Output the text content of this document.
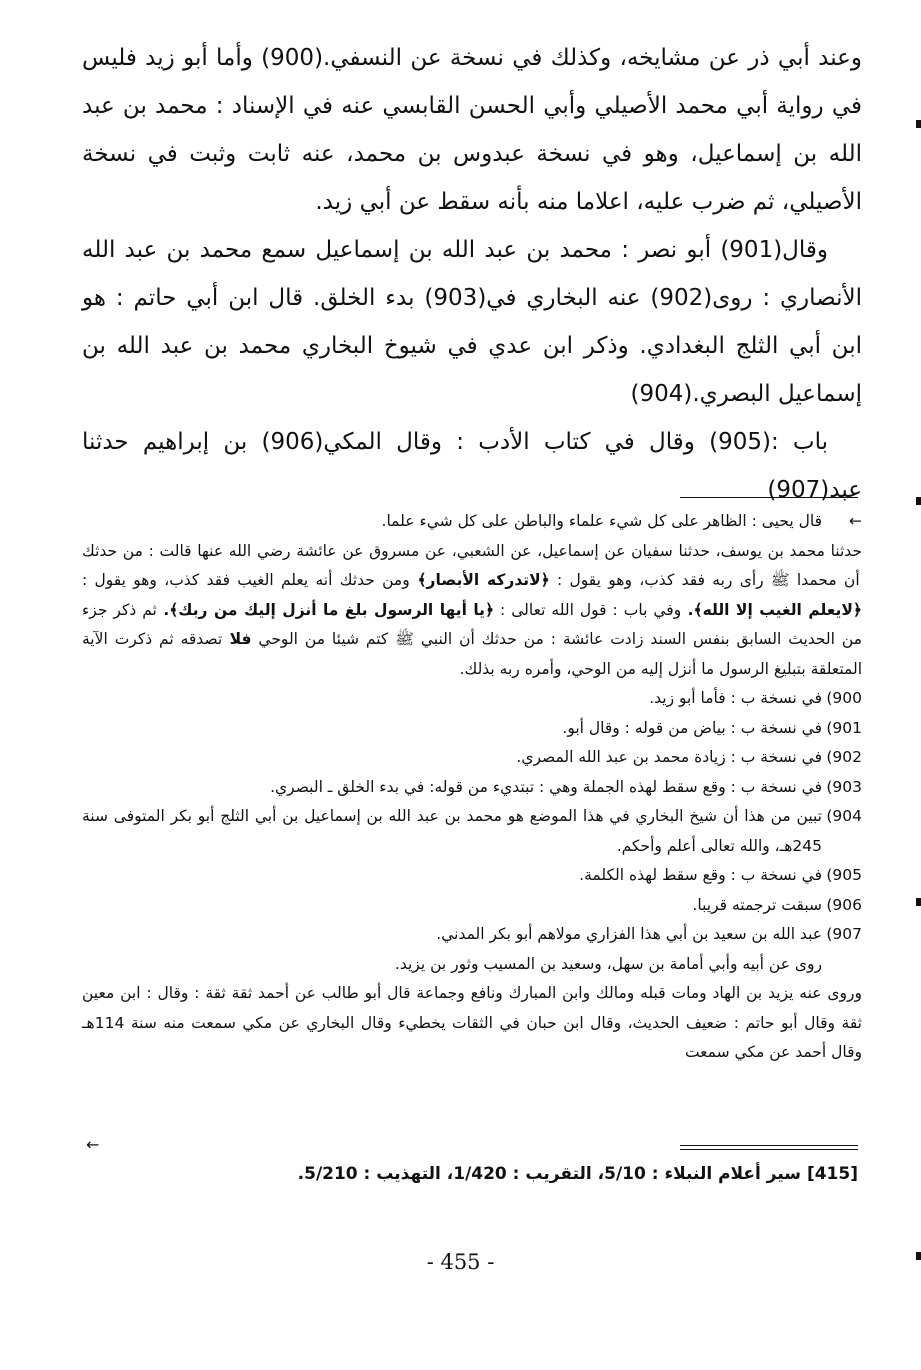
وعند أبي ذر عن مشايخه، وكذلك في نسخة عن النسفي.(900) وأما أبو زيد فليس في رواية أبي محمد الأصيلي وأبي الحسن القابسي عنه في الإسناد : محمد بن عبد الله بن إسماعيل، وهو في نسخة عبدوس بن محمد، عنه ثابت وثبت في نسخة الأصيلي، ثم ضرب عليه، اعلاما منه بأنه سقط عن أبي زيد.

وقال(901) أبو نصر : محمد بن عبد الله بن إسماعيل سمع محمد بن عبد الله الأنصاري : روى(902) عنه البخاري في(903) بدء الخلق. قال ابن أبي حاتم : هو ابن أبي الثلج البغدادي. وذكر ابن عدي في شيوخ البخاري محمد بن عبد الله بن إسماعيل البصري.(904)

باب :(905) وقال في كتاب الأدب : وقال المكي(906) بن إبراهيم حدثنا عبد(907)

←
قال يحيى : الظاهر على كل شيء علماء والباطن على كل شيء علما.
حدثنا محمد بن يوسف، حدثنا سفيان عن إسماعيل، عن الشعبي، عن مسروق عن عائشة رضي الله عنها قالت : من حدثك أن محمدا ﷺ رأى ربه فقد كذب، وهو يقول : ﴿لاتدركه الأبصار﴾ ومن حدثك أنه يعلم الغيب فقد كذب، وهو يقول : ﴿لايعلم الغيب إلا الله﴾. وفي باب : قول الله تعالى : ﴿يا أيها الرسول بلغ ما أنزل إليك من ربك﴾. ثم ذكر جزء من الحديث السابق بنفس السند زادت عائشة : من حدثك أن النبي ﷺ كتم شيئا من الوحي فلا تصدقه ثم ذكرت الآية المتعلقة بتبليغ الرسول ما أنزل إليه من الوحي، وأمره ربه بذلك.
900)
في نسخة ب : فأما أبو زيد.
901)
في نسخة ب : بياض من قوله : وقال أبو.
902)
في نسخة ب : زيادة محمد بن عبد الله المصري.
903)
في نسخة ب : وقع سقط لهذه الجملة وهي : تبتديء من قوله: في بدء الخلق ـ البصري.
904)
تبين من هذا أن شيخ البخاري في هذا الموضع هو محمد بن عبد الله بن إسماعيل بن أبي الثلج أبو بكر المتوفى سنة 245هـ، والله تعالى أعلم وأحكم.
905)
في نسخة ب : وقع سقط لهذه الكلمة.
906)
سبقت ترجمته قريبا.
907)
عبد الله بن سعيد بن أبي هذا الفزاري مولاهم أبو بكر المدني.
روى عن أبيه وأبي أمامة بن سهل، وسعيد بن المسيب وثور بن يزيد.
وروى عنه يزيد بن الهاد ومات قبله ومالك وابن المبارك ونافع وجماعة قال أبو طالب عن أحمد ثقة ثقة : وقال : ابن معين ثقة وقال أبو حاتم : ضعيف الحديث، وقال ابن حبان في الثقات يخطيء وقال البخاري عن مكي سمعت منه سنة 114هـ وقال أحمد عن مكي سمعت
←
[415] سير أعلام النبلاء : 5/10، التقريب : 1/420، التهذيب : 5/210.
- 455 -
